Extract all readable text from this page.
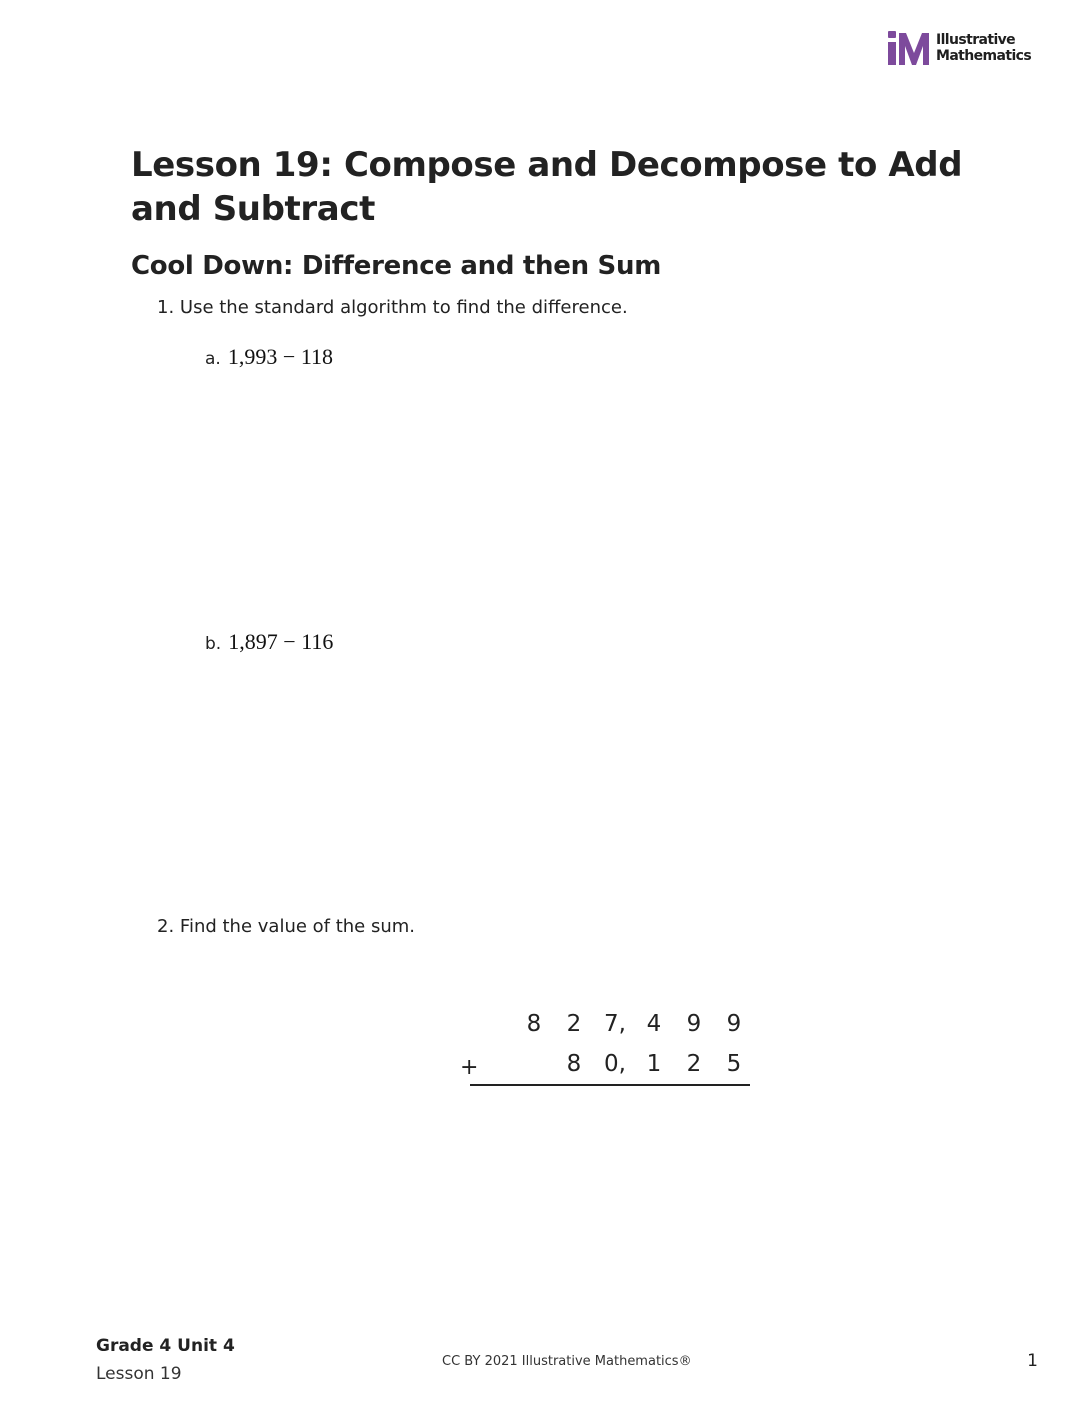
Illustrative
Mathematics
Lesson 19: Compose and Decompose to Add and Subtract
Cool Down: Difference and then Sum
1. Use the standard algorithm to find the difference.
a. 1,993 − 118
b. 1,897 − 116
2. Find the value of the sum.
8 2 7, 4 9 9
+	8 0, 1 2 5
Grade 4 Unit 4
Lesson 19
CC BY 2021 Illustrative Mathematics®	1
